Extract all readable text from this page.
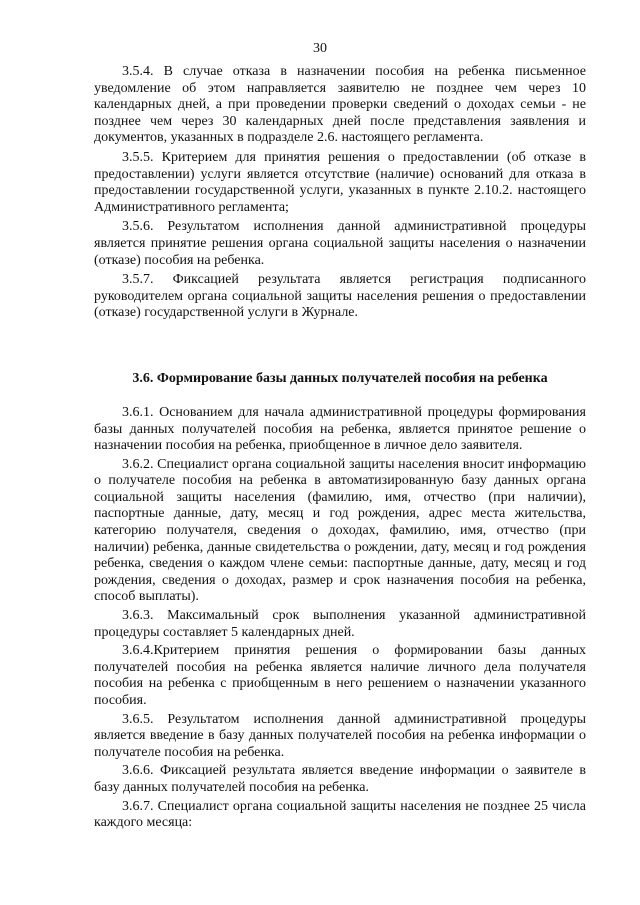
30

3.5.4. В случае отказа в назначении пособия на ребенка письменное уведомление об этом направляется заявителю не позднее чем через 10 календарных дней, а при проведении проверки сведений о доходах семьи - не позднее чем через 30 календарных дней после представления заявления и документов, указанных в подразделе 2.6. настоящего регламента.

3.5.5. Критерием для принятия решения о предоставлении (об отказе в предоставлении) услуги является отсутствие (наличие) оснований для отказа в предоставлении государственной услуги, указанных в пункте 2.10.2. настоящего Административного регламента;

3.5.6. Результатом исполнения данной административной процедуры является принятие решения органа социальной защиты населения о назначении (отказе) пособия на ребенка.

3.5.7. Фиксацией результата является регистрация подписанного руководителем органа социальной защиты населения решения о предоставлении (отказе) государственной услуги в Журнале.

3.6. Формирование базы данных получателей пособия на ребенка

3.6.1. Основанием для начала административной процедуры формирования базы данных получателей пособия на ребенка, является принятое решение о назначении пособия на ребенка, приобщенное в личное дело заявителя.

3.6.2. Специалист органа социальной защиты населения вносит информацию о получателе пособия на ребенка в автоматизированную базу данных органа социальной защиты населения (фамилию, имя, отчество (при наличии), паспортные данные, дату, месяц и год рождения, адрес места жительства, категорию получателя, сведения о доходах, фамилию, имя, отчество (при наличии) ребенка, данные свидетельства о рождении, дату, месяц и год рождения ребенка, сведения о каждом члене семьи: паспортные данные, дату, месяц и год рождения, сведения о доходах, размер и срок назначения пособия на ребенка, способ выплаты).

3.6.3. Максимальный срок выполнения указанной административной процедуры составляет 5 календарных дней.

3.6.4.Критерием принятия решения о формировании базы данных получателей пособия на ребенка является наличие личного дела получателя пособия на ребенка с приобщенным в него решением о назначении указанного пособия.

3.6.5. Результатом исполнения данной административной процедуры является введение в базу данных получателей пособия на ребенка информации о получателе пособия на ребенка.

3.6.6. Фиксацией результата является введение информации о заявителе в базу данных получателей пособия на ребенка.

3.6.7. Специалист органа социальной защиты населения не позднее 25 числа каждого месяца:
